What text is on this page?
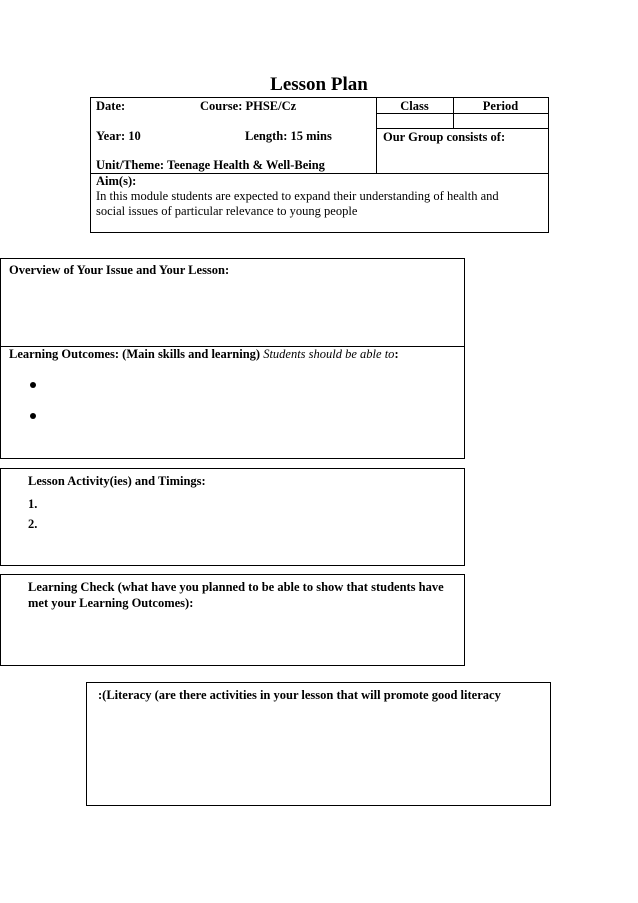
Lesson Plan
Date:	Course: PHSE/Cz	Class	Period
Year: 10	Length: 15 mins	Our Group consists of:
Unit/Theme: Teenage Health & Well-Being
Aim(s):
In this module students are expected to expand their understanding of health and
social issues of particular relevance to young people
Overview of Your Issue and Your Lesson:
Learning Outcomes: (Main skills and learning) Students should be able to:
Lesson Activity(ies) and Timings:
1.
2.
Learning Check (what have you planned to be able to show that students have
met your Learning Outcomes):
:(Literacy (are there activities in your lesson that will promote good literacy
